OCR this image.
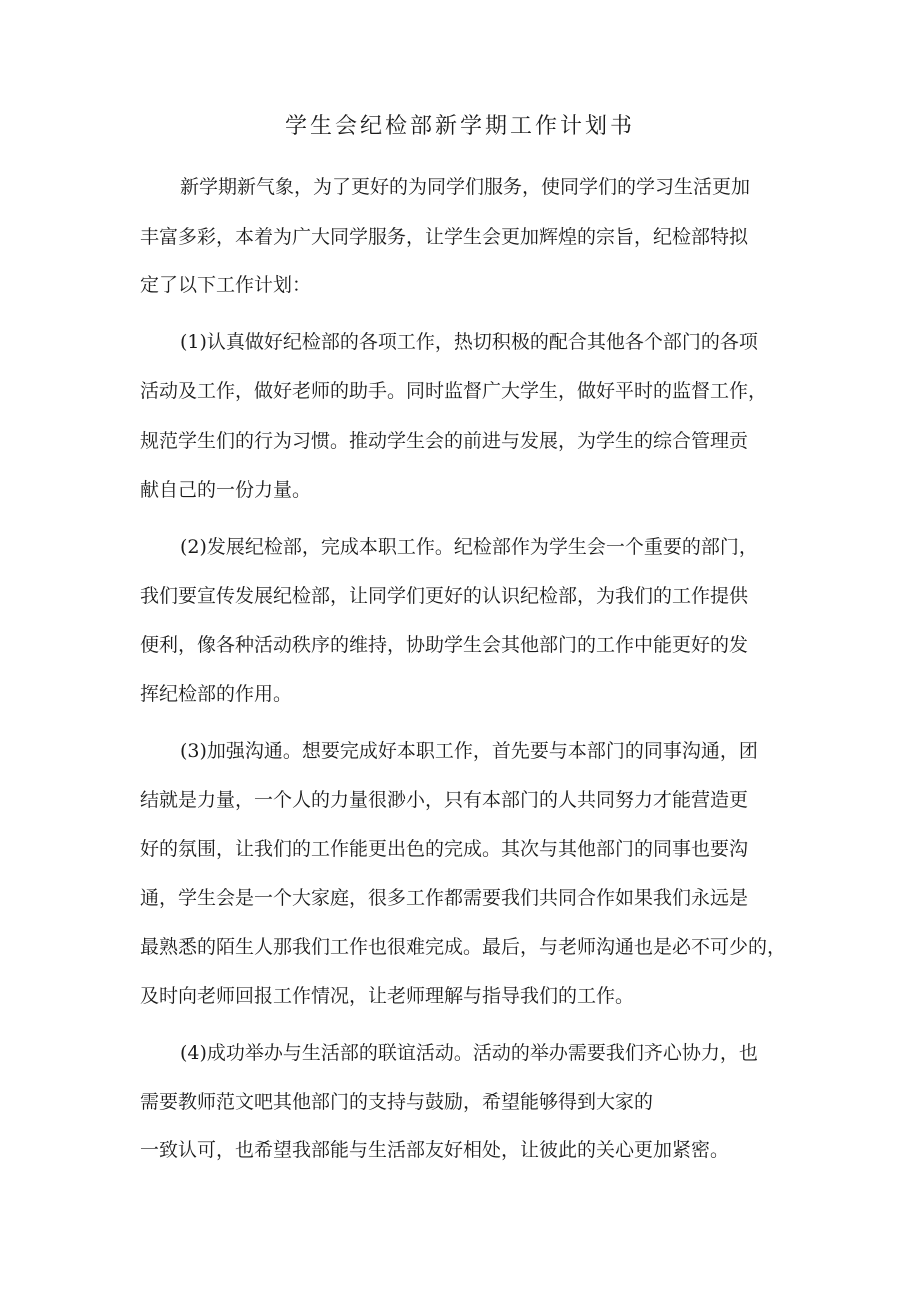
学生会纪检部新学期工作计划书

新学期新气象，为了更好的为同学们服务，使同学们的学习生活更加

丰富多彩，本着为广大同学服务，让学生会更加辉煌的宗旨，纪检部特拟

定了以下工作计划：

(1)认真做好纪检部的各项工作，热切积极的配合其他各个部门的各项

活动及工作，做好老师的助手。同时监督广大学生，做好平时的监督工作，

规范学生们的行为习惯。推动学生会的前进与发展，为学生的综合管理贡

献自己的一份力量。

(2)发展纪检部，完成本职工作。纪检部作为学生会一个重要的部门，

我们要宣传发展纪检部，让同学们更好的认识纪检部，为我们的工作提供

便利，像各种活动秩序的维持，协助学生会其他部门的工作中能更好的发

挥纪检部的作用。

(3)加强沟通。想要完成好本职工作，首先要与本部门的同事沟通，团

结就是力量，一个人的力量很渺小，只有本部门的人共同努力才能营造更

好的氛围，让我们的工作能更出色的完成。其次与其他部门的同事也要沟

通，学生会是一个大家庭，很多工作都需要我们共同合作如果我们永远是

最熟悉的陌生人那我们工作也很难完成。最后，与老师沟通也是必不可少的，

及时向老师回报工作情况，让老师理解与指导我们的工作。

(4)成功举办与生活部的联谊活动。活动的举办需要我们齐心协力，也

需要教师范文吧其他部门的支持与鼓励，希望能够得到大家的

一致认可，也希望我部能与生活部友好相处，让彼此的关心更加紧密。
